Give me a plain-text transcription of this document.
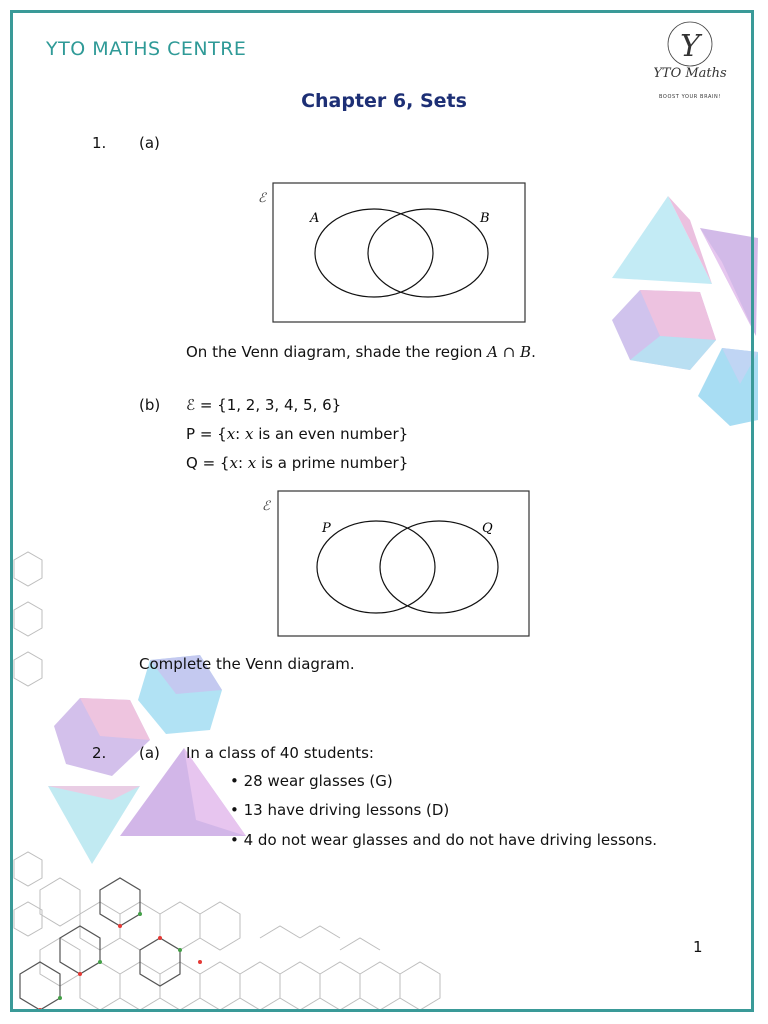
YTO MATHS CENTRE	Y
YTO Maths
BOOST YOUR BRAIN!
Chapter 6, Sets
1. (a)
ℰ
A	B
On the Venn diagram, shade the region A ∩ B.
(b) ℰ = {1, 2, 3, 4, 5, 6}
P = {x: x is an even number}
Q = {x: x is a prime number}
ℰ
P	Q
Complete the Venn diagram.
2. (a) In a class of 40 students:
• 28 wear glasses (G)
• 13 have driving lessons (D)
• 4 do not wear glasses and do not have driving lessons.
1
